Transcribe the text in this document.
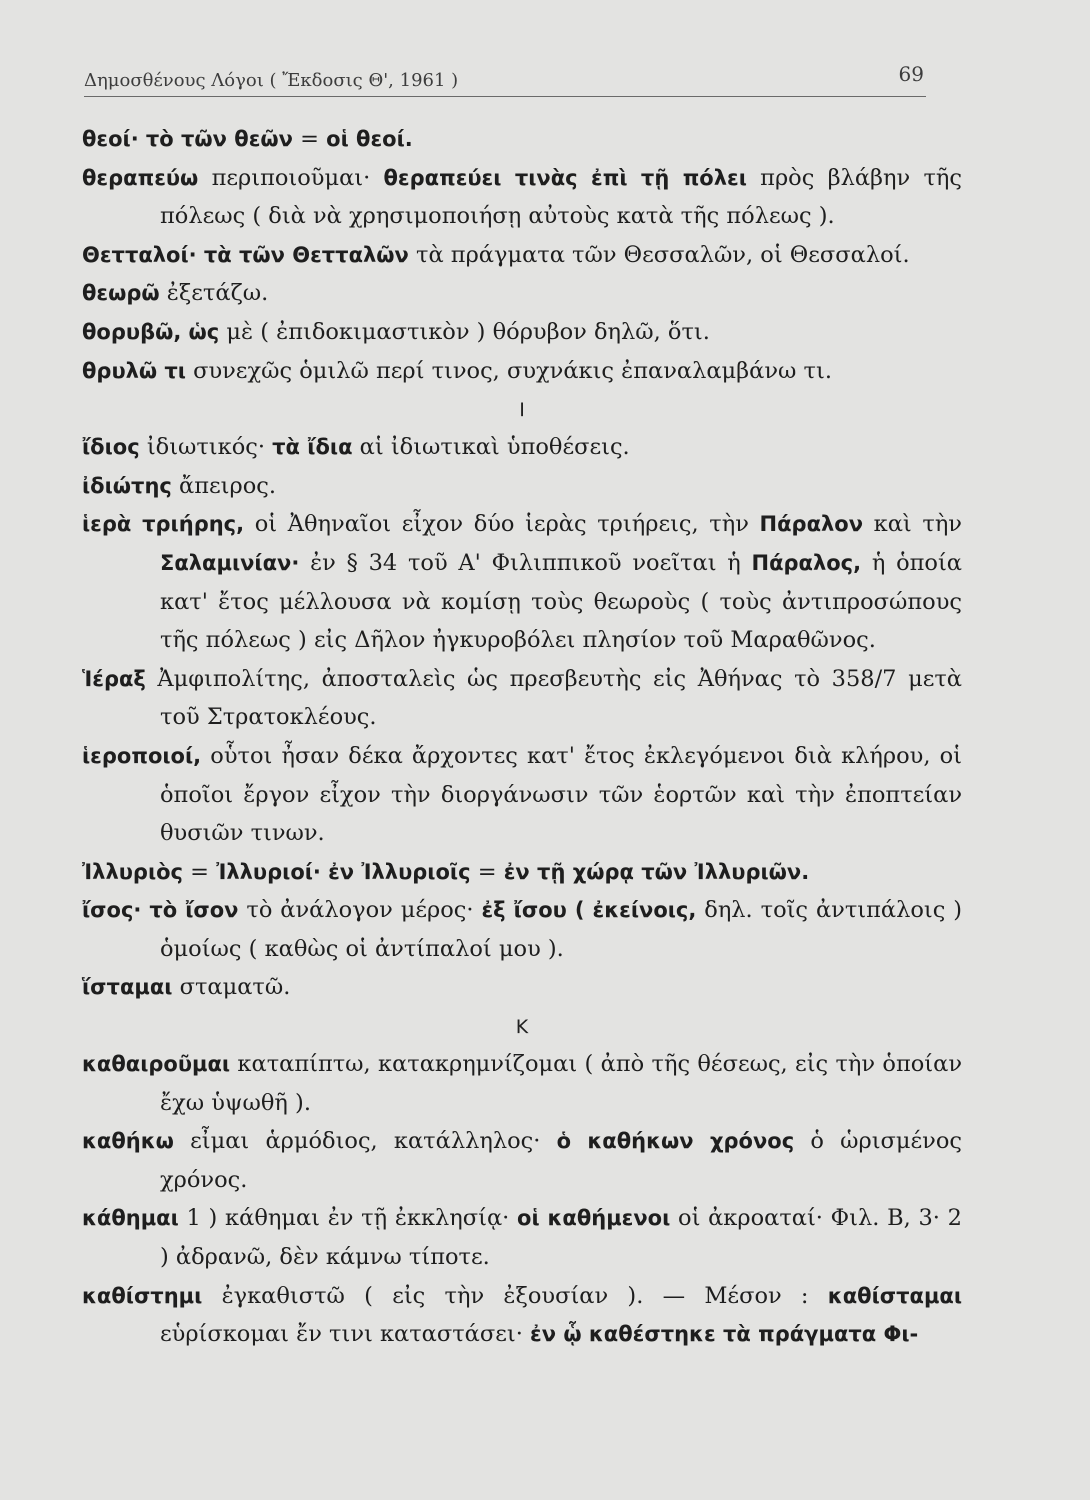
Δημοσθένους Λόγοι ( Ἔκδοσις Θ', 1961 )	69
θεοί· τὸ τῶν θεῶν = οἱ θεοί.
θεραπεύω περιποιοῦμαι· θεραπεύει τινὰς ἐπὶ τῇ πόλει πρὸς βλάβην τῆς πόλεως ( διὰ νὰ χρησιμοποιήσῃ αὐτοὺς κατὰ τῆς πόλεως ).
Θετταλοί· τὰ τῶν Θετταλῶν τὰ πράγματα τῶν Θεσσαλῶν, οἱ Θεσσαλοί.
θεωρῶ ἐξετάζω.
θορυβῶ, ὡς μὲ ( ἐπιδοκιμαστικὸν ) θόρυβον δηλῶ, ὅτι.
θρυλῶ τι συνεχῶς ὁμιλῶ περί τινος, συχνάκις ἐπαναλαμβάνω τι.
Ι
ἴδιος ἰδιωτικός· τὰ ἴδια αἱ ἰδιωτικαὶ ὑποθέσεις.
ἰδιώτης ἄπειρος.
ἱερὰ τριήρης, οἱ Ἀθηναῖοι εἶχον δύο ἱερὰς τριήρεις, τὴν Πάραλον καὶ τὴν Σαλαμινίαν· ἐν § 34 τοῦ Α' Φιλιππικοῦ νοεῖται ἡ Πάραλος, ἡ ὁποία κατ' ἔτος μέλλουσα νὰ κομίσῃ τοὺς θεωροὺς ( τοὺς ἀντιπροσώπους τῆς πόλεως ) εἰς Δῆλον ἠγκυροβόλει πλησίον τοῦ Μαραθῶνος.
Ἱέραξ Ἀμφιπολίτης, ἀποσταλεὶς ὡς πρεσβευτὴς εἰς Ἀθήνας τὸ 358/7 μετὰ τοῦ Στρατοκλέους.
ἱεροποιοί, οὗτοι ἦσαν δέκα ἄρχοντες κατ' ἔτος ἐκλεγόμενοι διὰ κλήρου, οἱ ὁποῖοι ἔργον εἶχον τὴν διοργάνωσιν τῶν ἑορτῶν καὶ τὴν ἐποπτείαν θυσιῶν τινων.
Ἰλλυριὸς = Ἰλλυριοί· ἐν Ἰλλυριοῖς = ἐν τῇ χώρᾳ τῶν Ἰλλυριῶν.
ἴσος· τὸ ἴσον τὸ ἀνάλογον μέρος· ἐξ ἴσου ( ἐκείνοις, δηλ. τοῖς ἀντιπάλοις ) ὁμοίως ( καθὼς οἱ ἀντίπαλοί μου ).
ἵσταμαι σταματῶ.
Κ
καθαιροῦμαι καταπίπτω, κατακρημνίζομαι ( ἀπὸ τῆς θέσεως, εἰς τὴν ὁποίαν ἔχω ὑψωθῆ ).
καθήκω εἶμαι ἁρμόδιος, κατάλληλος· ὁ καθήκων χρόνος ὁ ὡρισμένος χρόνος.
κάθημαι 1 ) κάθημαι ἐν τῇ ἐκκλησίᾳ· οἱ καθήμενοι οἱ ἀκροαταί· Φιλ. Β, 3· 2 ) ἀδρανῶ, δὲν κάμνω τίποτε.
καθίστημι ἐγκαθιστῶ ( εἰς τὴν ἐξουσίαν ). — Μέσον : καθίσταμαι εὑρίσκομαι ἔν τινι καταστάσει· ἐν ᾧ καθέστηκε τὰ πράγματα Φι-
